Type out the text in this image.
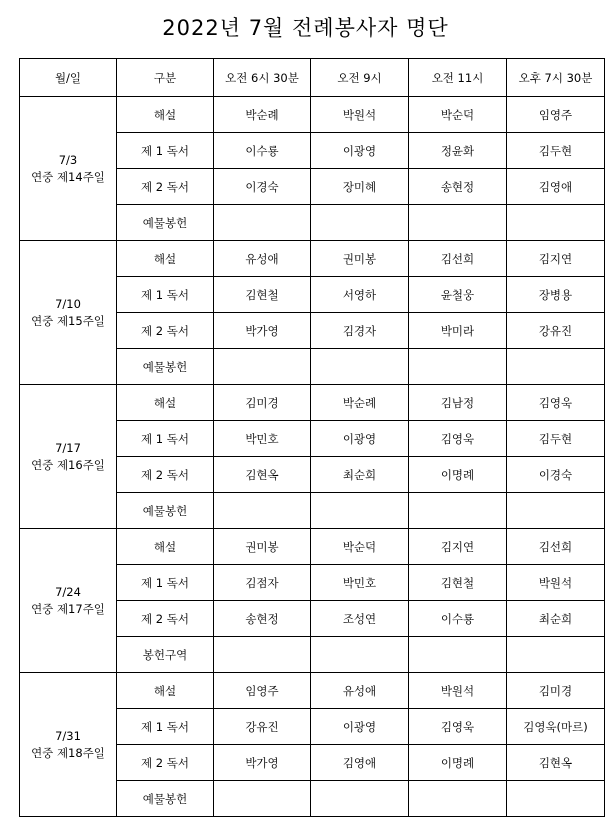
2022년 7월 전례봉사자 명단
월/일	구분	오전 6시 30분	오전 9시	오전 11시	오후 7시 30분

7/3
연중 제14주일	해설	박순례	박원석	박순덕	임영주
	제 1 독서	이수룡	이광영	정윤화	김두현
	제 2 독서	이경숙	장미혜	송현정	김영애
	예물봉헌				

7/10
연중 제15주일	해설	유성애	권미봉	김선희	김지연
	제 1 독서	김현철	서영하	윤철웅	장병용
	제 2 독서	박가영	김경자	박미라	강유진
	예물봉헌				

7/17
연중 제16주일	해설	김미경	박순례	김남정	김영욱
	제 1 독서	박민호	이광영	김영욱	김두현
	제 2 독서	김현옥	최순희	이명례	이경숙
	예물봉헌				

7/24
연중 제17주일	해설	권미봉	박순덕	김지연	김선희
	제 1 독서	김점자	박민호	김현철	박원석
	제 2 독서	송현정	조성연	이수룡	최순희
	봉헌구역				

7/31
연중 제18주일	해설	임영주	유성애	박원석	김미경
	제 1 독서	강유진	이광영	김영욱	김영욱(마르)
	제 2 독서	박가영	김영애	이명례	김현옥
	예물봉헌				
